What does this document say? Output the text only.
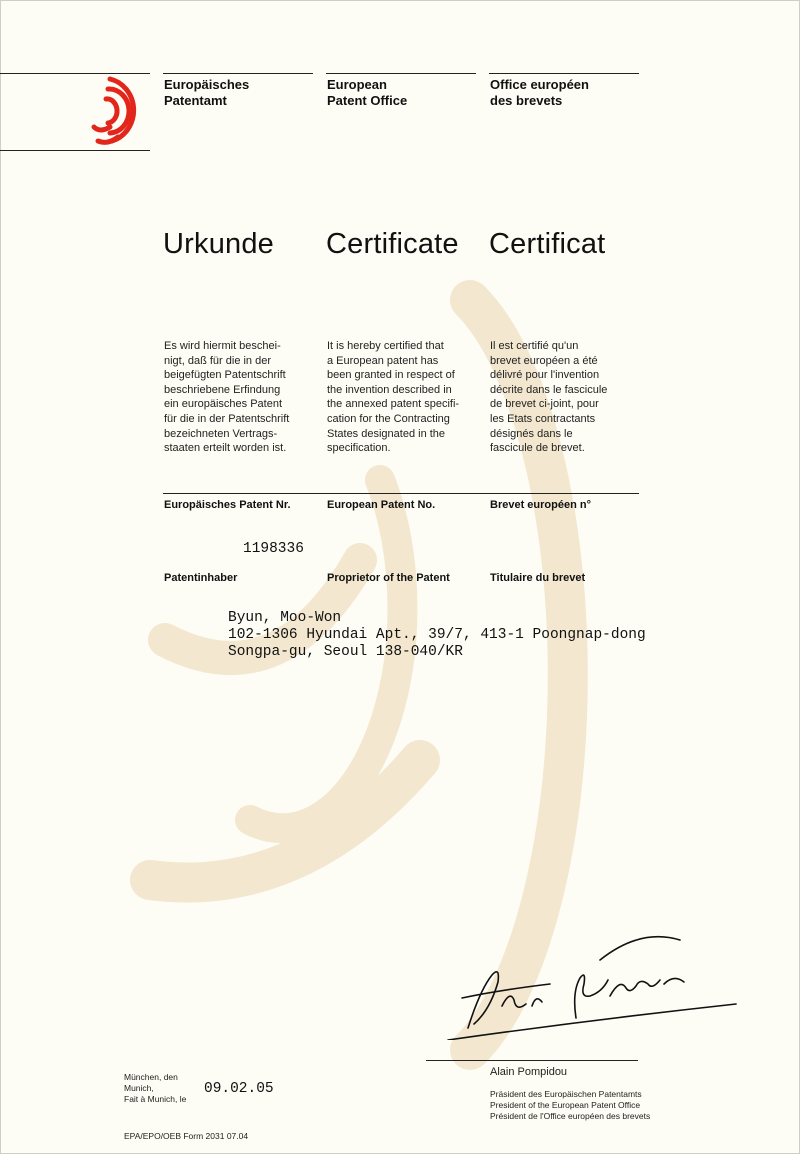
Europäisches
Patentamt
European
Patent Office
Office européen
des brevets
Urkunde Certificate Certificat
Es wird hiermit beschei-
nigt, daß für die in der
beigefügten Patentschrift
beschriebene Erfindung
ein europäisches Patent
für die in der Patentschrift
bezeichneten Vertrags-
staaten erteilt worden ist.
It is hereby certified that
a European patent has
been granted in respect of
the invention described in
the annexed patent specifi-
cation for the Contracting
States designated in the
specification.
Il est certifié qu'un
brevet européen a été
délivré pour l'invention
décrite dans le fascicule
de brevet ci-joint, pour
les Etats contractants
désignés dans le
fascicule de brevet.
Europäisches Patent Nr.	European Patent No.	Brevet européen n°
1198336
Patentinhaber	Proprietor of the Patent	Titulaire du brevet
Byun, Moo-Won
102-1306 Hyundai Apt., 39/7, 413-1 Poongnap-dong
Songpa-gu, Seoul 138-040/KR
München, den
Munich,
Fait à Munich, le
09.02.05
Alain Pompidou
Präsident des Europäischen Patentamts
President of the European Patent Office
Président de l'Office européen des brevets
EPA/EPO/OEB Form 2031 07.04
